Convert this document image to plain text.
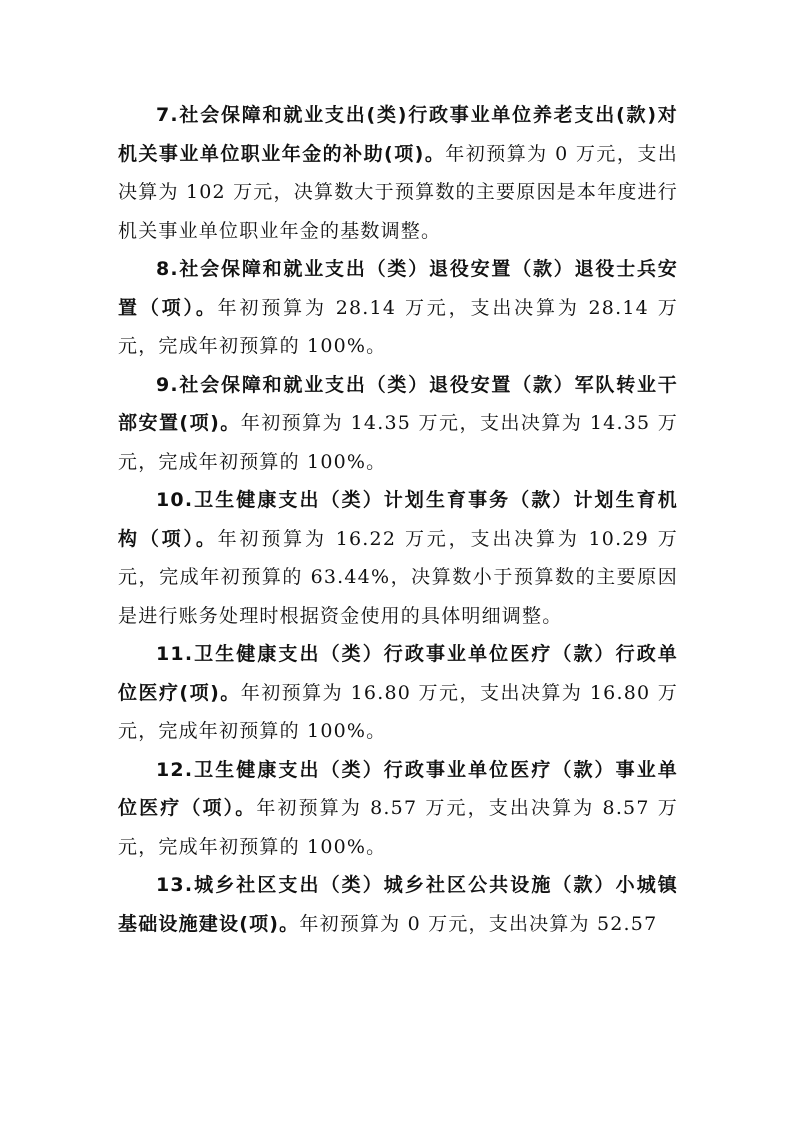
7.社会保障和就业支出(类)行政事业单位养老支出(款)对机关事业单位职业年金的补助(项)。年初预算为 0 万元，支出决算为 102 万元，决算数大于预算数的主要原因是本年度进行机关事业单位职业年金的基数调整。

8.社会保障和就业支出（类）退役安置（款）退役士兵安置（项）。年初预算为 28.14 万元，支出决算为 28.14 万元，完成年初预算的 100%。

9.社会保障和就业支出（类）退役安置（款）军队转业干部安置(项)。年初预算为 14.35 万元，支出决算为 14.35 万元，完成年初预算的 100%。

10.卫生健康支出（类）计划生育事务（款）计划生育机构（项）。年初预算为 16.22 万元，支出决算为 10.29 万元，完成年初预算的 63.44%，决算数小于预算数的主要原因是进行账务处理时根据资金使用的具体明细调整。

11.卫生健康支出（类）行政事业单位医疗（款）行政单位医疗(项)。年初预算为 16.80 万元，支出决算为 16.80 万元，完成年初预算的 100%。

12.卫生健康支出（类）行政事业单位医疗（款）事业单位医疗（项）。年初预算为 8.57 万元，支出决算为 8.57 万元，完成年初预算的 100%。

13.城乡社区支出（类）城乡社区公共设施（款）小城镇基础设施建设(项)。年初预算为 0 万元，支出决算为 52.57
